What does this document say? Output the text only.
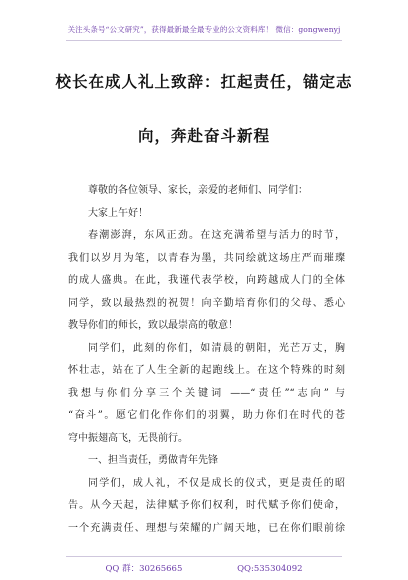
关注头条号“公文研究”，获得最新最全最专业的公文资料库！ 微信：gongwenyj
校长在成人礼上致辞：扛起责任，锚定志
向，奔赴奋斗新程
尊敬的各位领导、家长，亲爱的老师们、同学们：
大家上午好！
春潮澎湃，东风正劲。在这充满希望与活力的时节，
我们以岁月为笔，以青春为墨，共同绘就这场庄严而璀璨
的成人盛典。在此，我谨代表学校，向跨越成人门的全体
同学，致以最热烈的祝贺！向辛勤培育你们的父母、悉心
教导你们的师长，致以最崇高的敬意！
同学们，此刻的你们，如清晨的朝阳，光芒万丈，胸
怀壮志，站在了人生全新的起跑线上。在这个特殊的时刻
我想与你们分享三个关键词 ——“责任”“志向” 与
“奋斗”。愿它们化作你们的羽翼，助力你们在时代的苍
穹中振翅高飞，无畏前行。
一、担当责任，勇做青年先锋
同学们，成人礼，不仅是成长的仪式，更是责任的昭
告。从今天起，法律赋予你们权利，时代赋予你们使命，
一个充满责任、理想与荣耀的广阔天地，已在你们眼前徐
QQ 群：30265665	QQ:535304092
